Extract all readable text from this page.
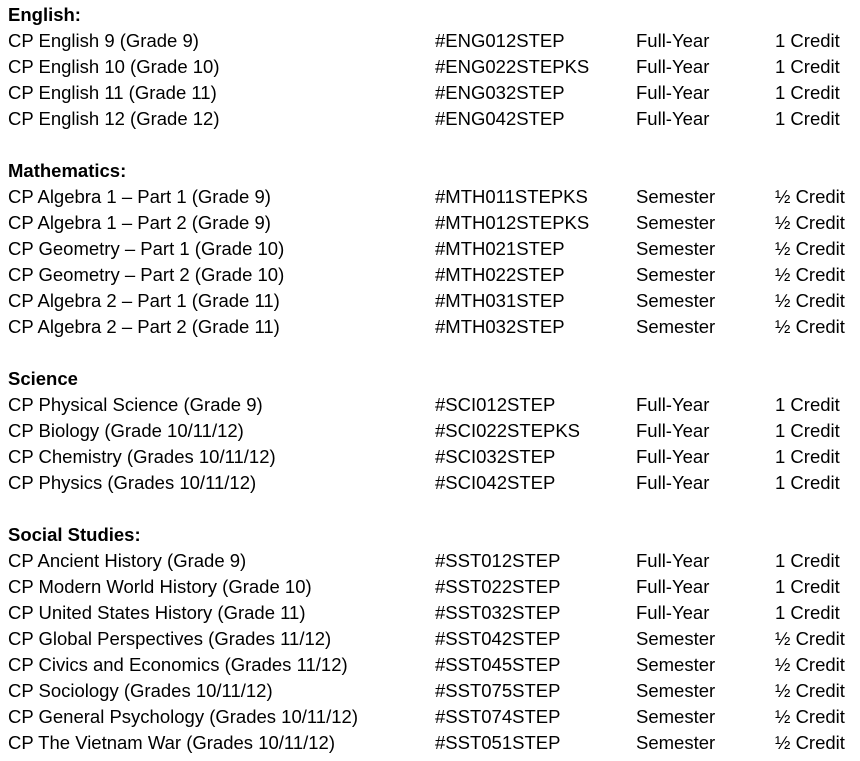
English:
CP English 9 (Grade 9)	#ENG012STEP	Full-Year	1 Credit
CP English 10 (Grade 10)	#ENG022STEPKS	Full-Year	1 Credit
CP English 11 (Grade 11)	#ENG032STEP	Full-Year	1 Credit
CP English 12 (Grade 12)	#ENG042STEP	Full-Year	1 Credit
Mathematics:
CP Algebra 1 – Part 1 (Grade 9)	#MTH011STEPKS	Semester	½ Credit
CP Algebra 1 – Part 2 (Grade 9)	#MTH012STEPKS	Semester	½ Credit
CP Geometry – Part 1 (Grade 10)	#MTH021STEP	Semester	½ Credit
CP Geometry – Part 2 (Grade 10)	#MTH022STEP	Semester	½ Credit
CP Algebra 2 – Part 1 (Grade 11)	#MTH031STEP	Semester	½ Credit
CP Algebra 2 – Part 2 (Grade 11)	#MTH032STEP	Semester	½ Credit
Science
CP Physical Science (Grade 9)	#SCI012STEP	Full-Year	1 Credit
CP Biology (Grade 10/11/12)	#SCI022STEPKS	Full-Year	1 Credit
CP Chemistry (Grades 10/11/12)	#SCI032STEP	Full-Year	1 Credit
CP Physics (Grades 10/11/12)	#SCI042STEP	Full-Year	1 Credit
Social Studies:
CP Ancient History (Grade 9)	#SST012STEP	Full-Year	1 Credit
CP Modern World History (Grade 10)	#SST022STEP	Full-Year	1 Credit
CP United States History (Grade 11)	#SST032STEP	Full-Year	1 Credit
CP Global Perspectives (Grades 11/12)	#SST042STEP	Semester	½ Credit
CP Civics and Economics (Grades 11/12)	#SST045STEP	Semester	½ Credit
CP Sociology (Grades 10/11/12)	#SST075STEP	Semester	½ Credit
CP General Psychology (Grades 10/11/12)	#SST074STEP	Semester	½ Credit
CP The Vietnam War (Grades 10/11/12)	#SST051STEP	Semester	½ Credit
